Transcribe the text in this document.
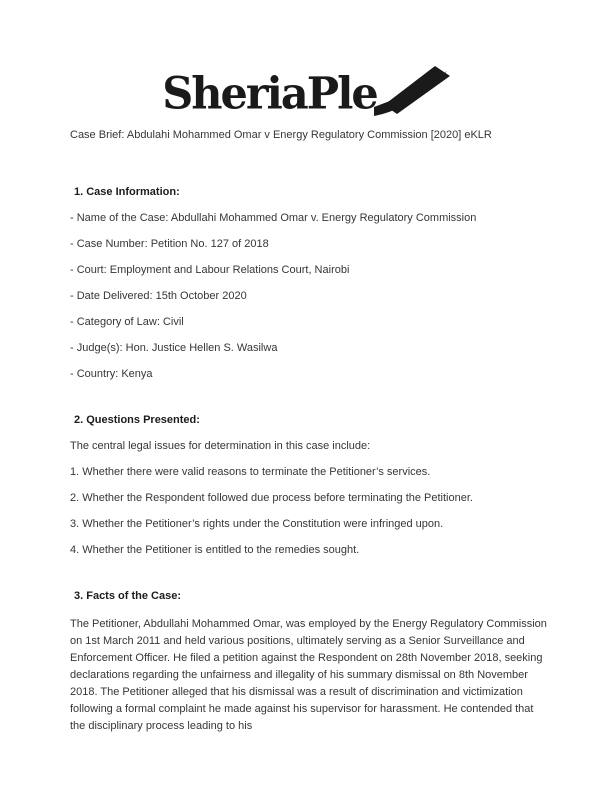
SheriaPle

Case Brief: Abdulahi Mohammed Omar v Energy Regulatory Commission [2020] eKLR

1. Case Information:

- Name of the Case: Abdullahi Mohammed Omar v. Energy Regulatory Commission

- Case Number: Petition No. 127 of 2018

- Court: Employment and Labour Relations Court, Nairobi

- Date Delivered: 15th October 2020

- Category of Law: Civil

- Judge(s): Hon. Justice Hellen S. Wasilwa

- Country: Kenya

2. Questions Presented:

The central legal issues for determination in this case include:

1. Whether there were valid reasons to terminate the Petitioner’s services.

2. Whether the Respondent followed due process before terminating the Petitioner.

3. Whether the Petitioner’s rights under the Constitution were infringed upon.

4. Whether the Petitioner is entitled to the remedies sought.

3. Facts of the Case:

The Petitioner, Abdullahi Mohammed Omar, was employed by the Energy Regulatory Commission on 1st March 2011 and held various positions, ultimately serving as a Senior Surveillance and Enforcement Officer. He filed a petition against the Respondent on 28th November 2018, seeking declarations regarding the unfairness and illegality of his summary dismissal on 8th November 2018. The Petitioner alleged that his dismissal was a result of discrimination and victimization following a formal complaint he made against his supervisor for harassment. He contended that the disciplinary process leading to his
